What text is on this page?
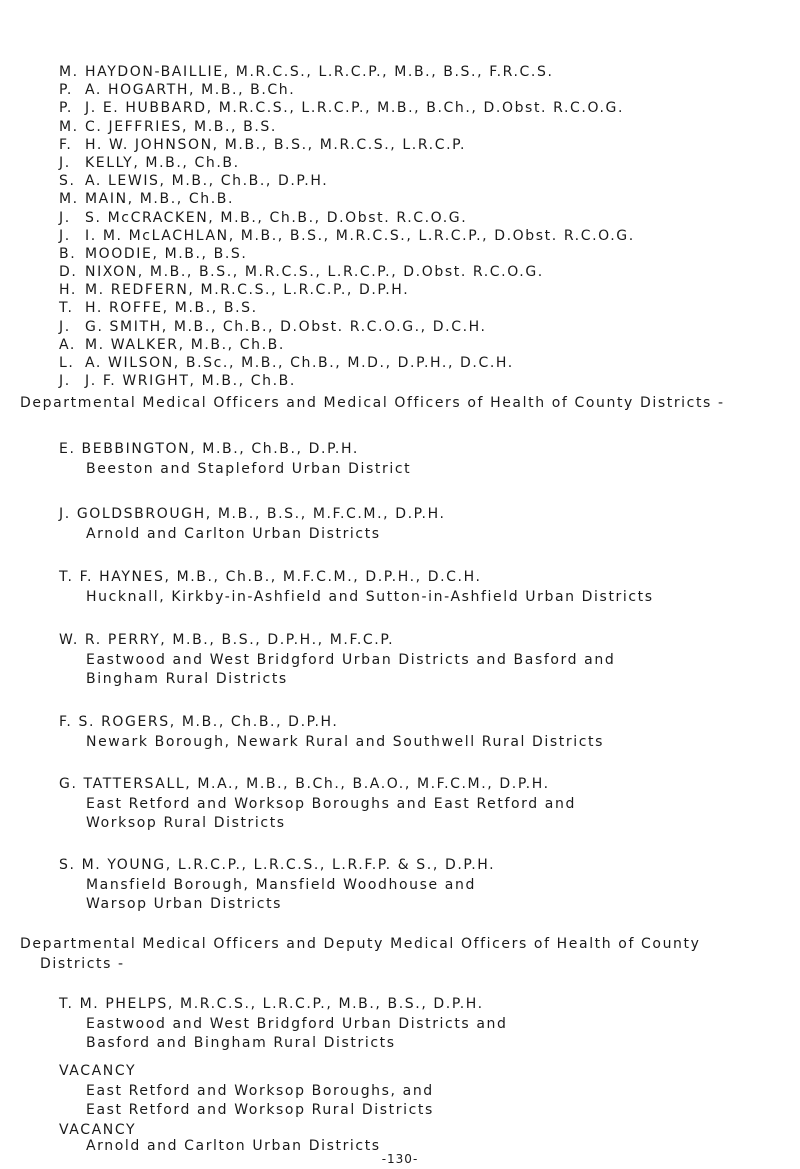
M. HAYDON-BAILLIE, M.R.C.S., L.R.C.P., M.B., B.S., F.R.C.S.
P. A. HOGARTH, M.B., B.Ch.
P. J. E. HUBBARD, M.R.C.S., L.R.C.P., M.B., B.Ch., D.Obst. R.C.O.G.
M. C. JEFFRIES, M.B., B.S.
F. H. W. JOHNSON, M.B., B.S., M.R.C.S., L.R.C.P.
J.	KELLY, M.B., Ch.B.
S. A. LEWIS, M.B., Ch.B., D.P.H.
M. MAIN, M.B., Ch.B.
J.	S. McCRACKEN, M.B., Ch.B., D.Obst. R.C.O.G.
J.	I. M. McLACHLAN, M.B., B.S., M.R.C.S., L.R.C.P., D.Obst. R.C.O.G.
B. MOODIE, M.B., B.S.
D. NIXON, M.B., B.S., M.R.C.S., L.R.C.P., D.Obst. R.C.O.G.
H. M. REDFERN, M.R.C.S., L.R.C.P., D.P.H.
T. H. ROFFE, M.B., B.S.
J.	G. SMITH, M.B., Ch.B., D.Obst. R.C.O.G., D.C.H.
A. M. WALKER, M.B., Ch.B.
L. A. WILSON, B.Sc., M.B., Ch.B., M.D., D.P.H., D.C.H.
J.	J. F. WRIGHT, M.B., Ch.B.
Departmental Medical Officers and Medical Officers of Health of County Districts -
E. BEBBINGTON, M.B., Ch.B., D.P.H.
Beeston and Stapleford Urban District
J. GOLDSBROUGH, M.B., B.S., M.F.C.M., D.P.H.
Arnold and Carlton Urban Districts
T. F. HAYNES, M.B., Ch.B., M.F.C.M., D.P.H., D.C.H.
Hucknall, Kirkby-in-Ashfield and Sutton-in-Ashfield Urban Districts
W. R. PERRY, M.B., B.S., D.P.H., M.F.C.P.
Eastwood and West Bridgford Urban Districts and Basford and
Bingham Rural Districts
F. S. ROGERS, M.B., Ch.B., D.P.H.
Newark Borough, Newark Rural and Southwell Rural Districts
G. TATTERSALL, M.A., M.B., B.Ch., B.A.O., M.F.C.M., D.P.H.
East Retford and Worksop Boroughs and East Retford and
Worksop Rural Districts
S. M. YOUNG, L.R.C.P., L.R.C.S., L.R.F.P. & S., D.P.H.
Mansfield Borough, Mansfield Woodhouse and
Warsop Urban Districts
Departmental Medical Officers and Deputy Medical Officers of Health of County
Districts -
T. M. PHELPS, M.R.C.S., L.R.C.P., M.B., B.S., D.P.H.
Eastwood and West Bridgford Urban Districts and
Basford and Bingham Rural Districts
VACANCY
East Retford and Worksop Boroughs, and
East Retford and Worksop Rural Districts
-130-
VACANCY
Arnold and Carlton Urban Districts
